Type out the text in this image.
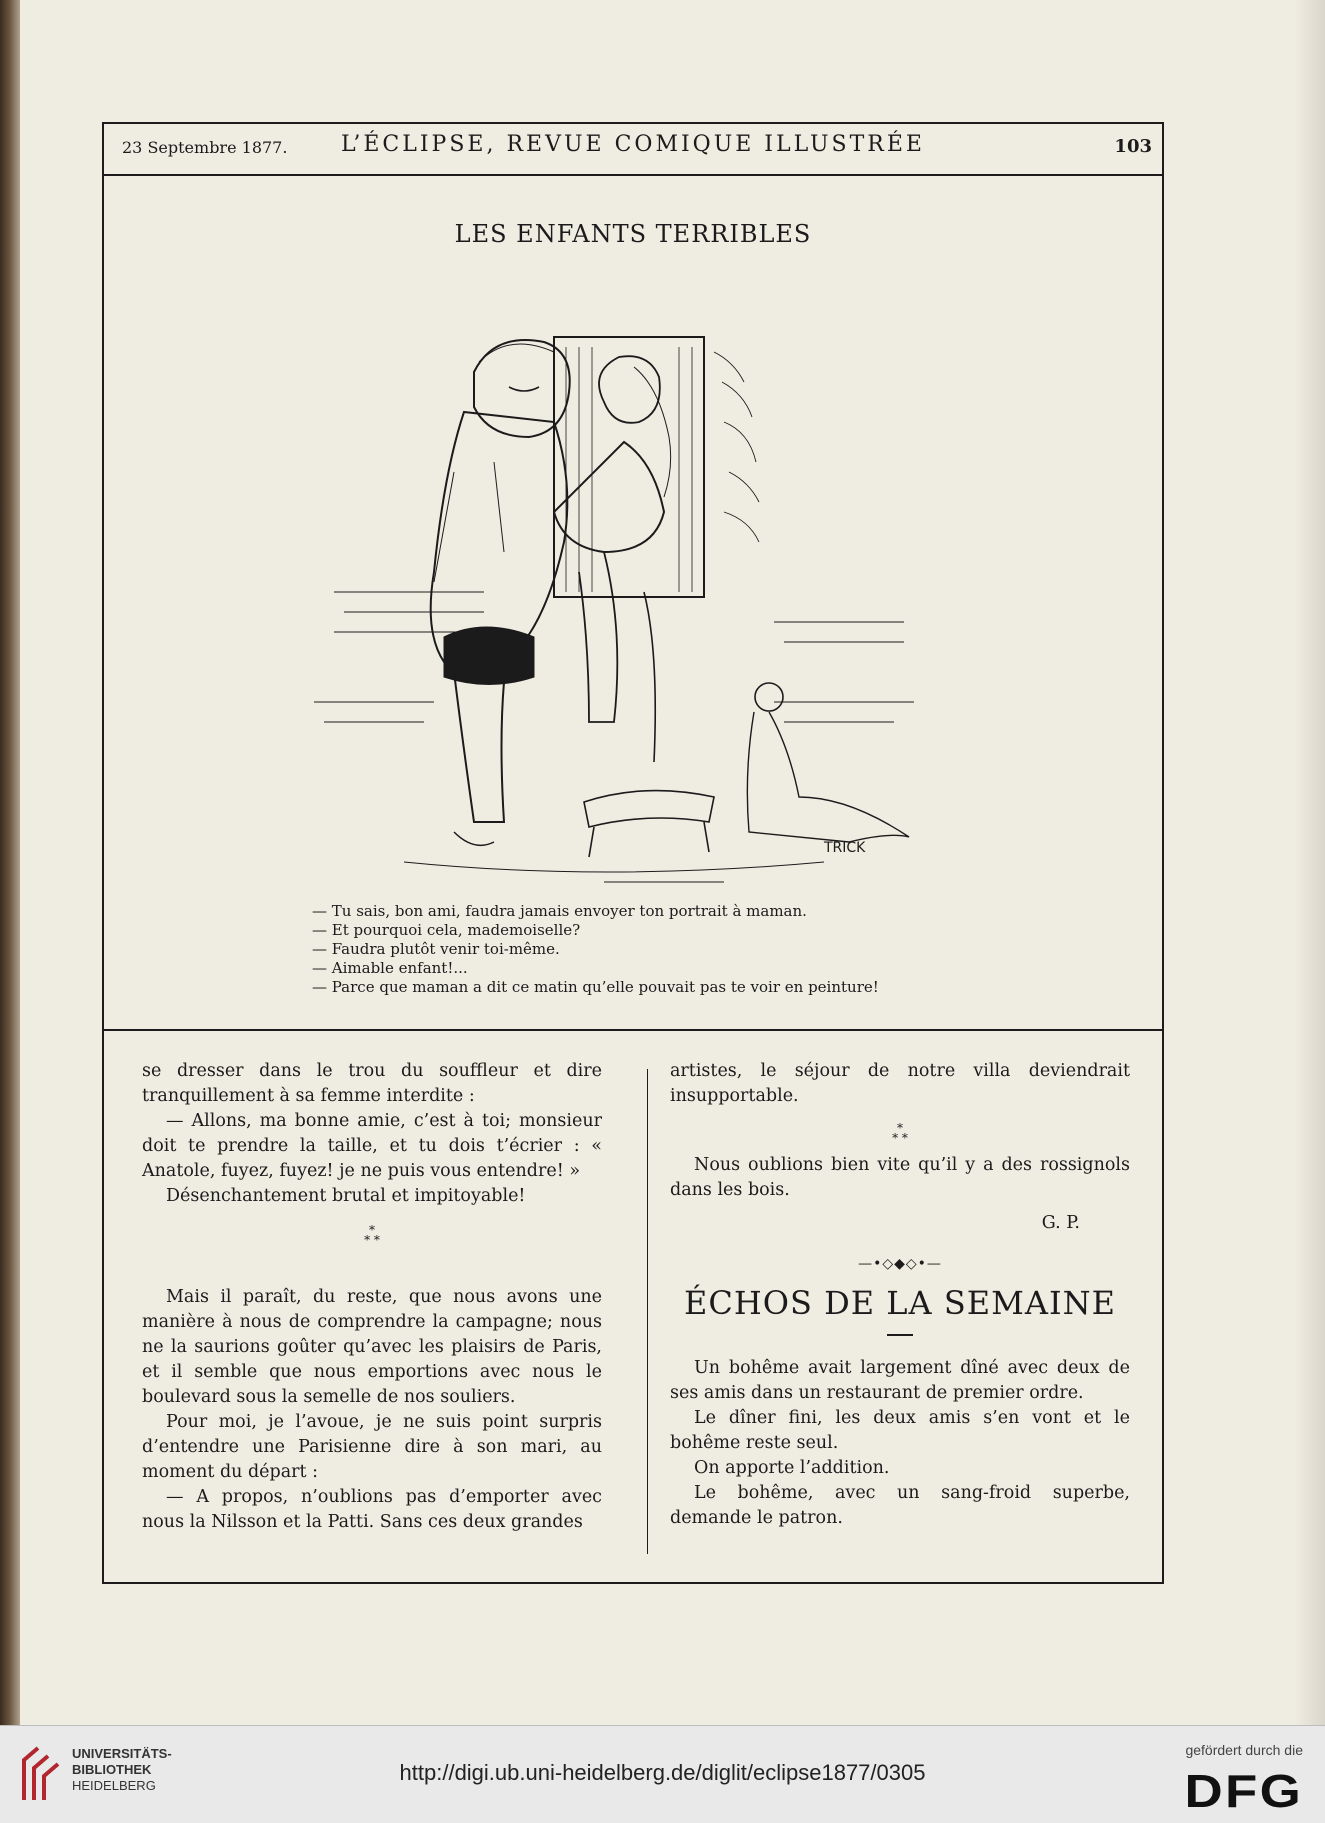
23 Septembre 1877.	L’ÉCLIPSE, REVUE COMIQUE ILLUSTRÉE	103
LES ENFANTS TERRIBLES
TRICK
— Tu sais, bon ami, faudra jamais envoyer ton portrait à maman.
— Et pourquoi cela, mademoiselle?
— Faudra plutôt venir toi-même.
— Aimable enfant!...
— Parce que maman a dit ce matin qu’elle pouvait pas te voir en peinture!

se dresser dans le trou du souffleur et dire tranquillement à sa femme interdite :

— Allons, ma bonne amie, c’est à toi; monsieur doit te prendre la taille, et tu dois t’écrier : « Anatole, fuyez, fuyez! je ne puis vous entendre! »

Désenchantement brutal et impitoyable!

*
* *

Mais il paraît, du reste, que nous avons une manière à nous de comprendre la campagne; nous ne la saurions goûter qu’avec les plaisirs de Paris, et il semble que nous emportions avec nous le boulevard sous la semelle de nos souliers.

Pour moi, je l’avoue, je ne suis point surpris d’entendre une Parisienne dire à son mari, au moment du départ :

— A propos, n’oublions pas d’emporter avec nous la Nilsson et la Patti. Sans ces deux grandes

artistes, le séjour de notre villa deviendrait insupportable.

*
* *

Nous oublions bien vite qu’il y a des rossignols dans les bois.

G. P.

—•◇◆◇•—
ÉCHOS DE LA SEMAINE

Un bohême avait largement dîné avec deux de ses amis dans un restaurant de premier ordre.

Le dîner fini, les deux amis s’en vont et le bohême reste seul.

On apporte l’addition.

Le bohême, avec un sang-froid superbe, demande le patron.

UNIVERSITÄTS-
BIBLIOTHEK
HEIDELBERG
http://digi.ub.uni-heidelberg.de/diglit/eclipse1877/0305
gefördert durch die
DFG
